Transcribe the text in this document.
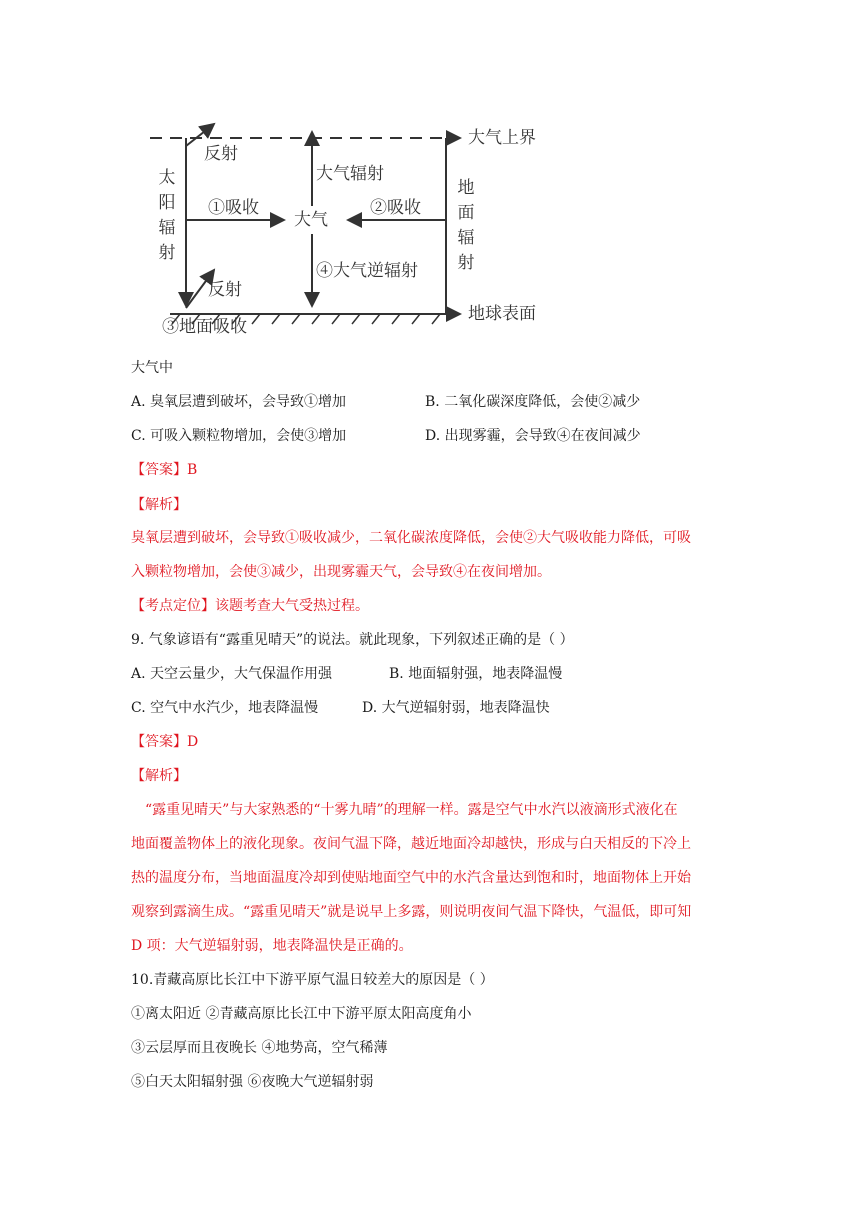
大气上界
地球表面
太阳辐射
地面辐射
反射
反射
①吸收	②吸收
大气
大气辐射
④大气逆辐射
③地面吸收
大气中
A. 臭氧层遭到破坏，会导致①增加	B. 二氧化碳深度降低，会使②减少
C. 可吸入颗粒物增加，会使③增加	D. 出现雾霾，会导致④在夜间减少
【答案】B
【解析】
臭氧层遭到破坏，会导致①吸收减少，二氧化碳浓度降低，会使②大气吸收能力降低，可吸
入颗粒物增加，会使③减少，出现雾霾天气，会导致④在夜间增加。
【考点定位】该题考查大气受热过程。
9. 气象谚语有“露重见晴天”的说法。就此现象，下列叙述正确的是（ ）
A. 天空云量少，大气保温作用强	B. 地面辐射强，地表降温慢
C. 空气中水汽少，地表降温慢	D. 大气逆辐射弱，地表降温快
【答案】D
【解析】
“露重见晴天”与大家熟悉的“十雾九晴”的理解一样。露是空气中水汽以液滴形式液化在
地面覆盖物体上的液化现象。夜间气温下降，越近地面冷却越快，形成与白天相反的下冷上
热的温度分布，当地面温度冷却到使贴地面空气中的水汽含量达到饱和时，地面物体上开始
观察到露滴生成。“露重见晴天”就是说早上多露，则说明夜间气温下降快，气温低，即可知
D 项：大气逆辐射弱，地表降温快是正确的。
10.青藏高原比长江中下游平原气温日较差大的原因是（ ）
①离太阳近 ②青藏高原比长江中下游平原太阳高度角小
③云层厚而且夜晚长 ④地势高，空气稀薄
⑤白天太阳辐射强 ⑥夜晚大气逆辐射弱
